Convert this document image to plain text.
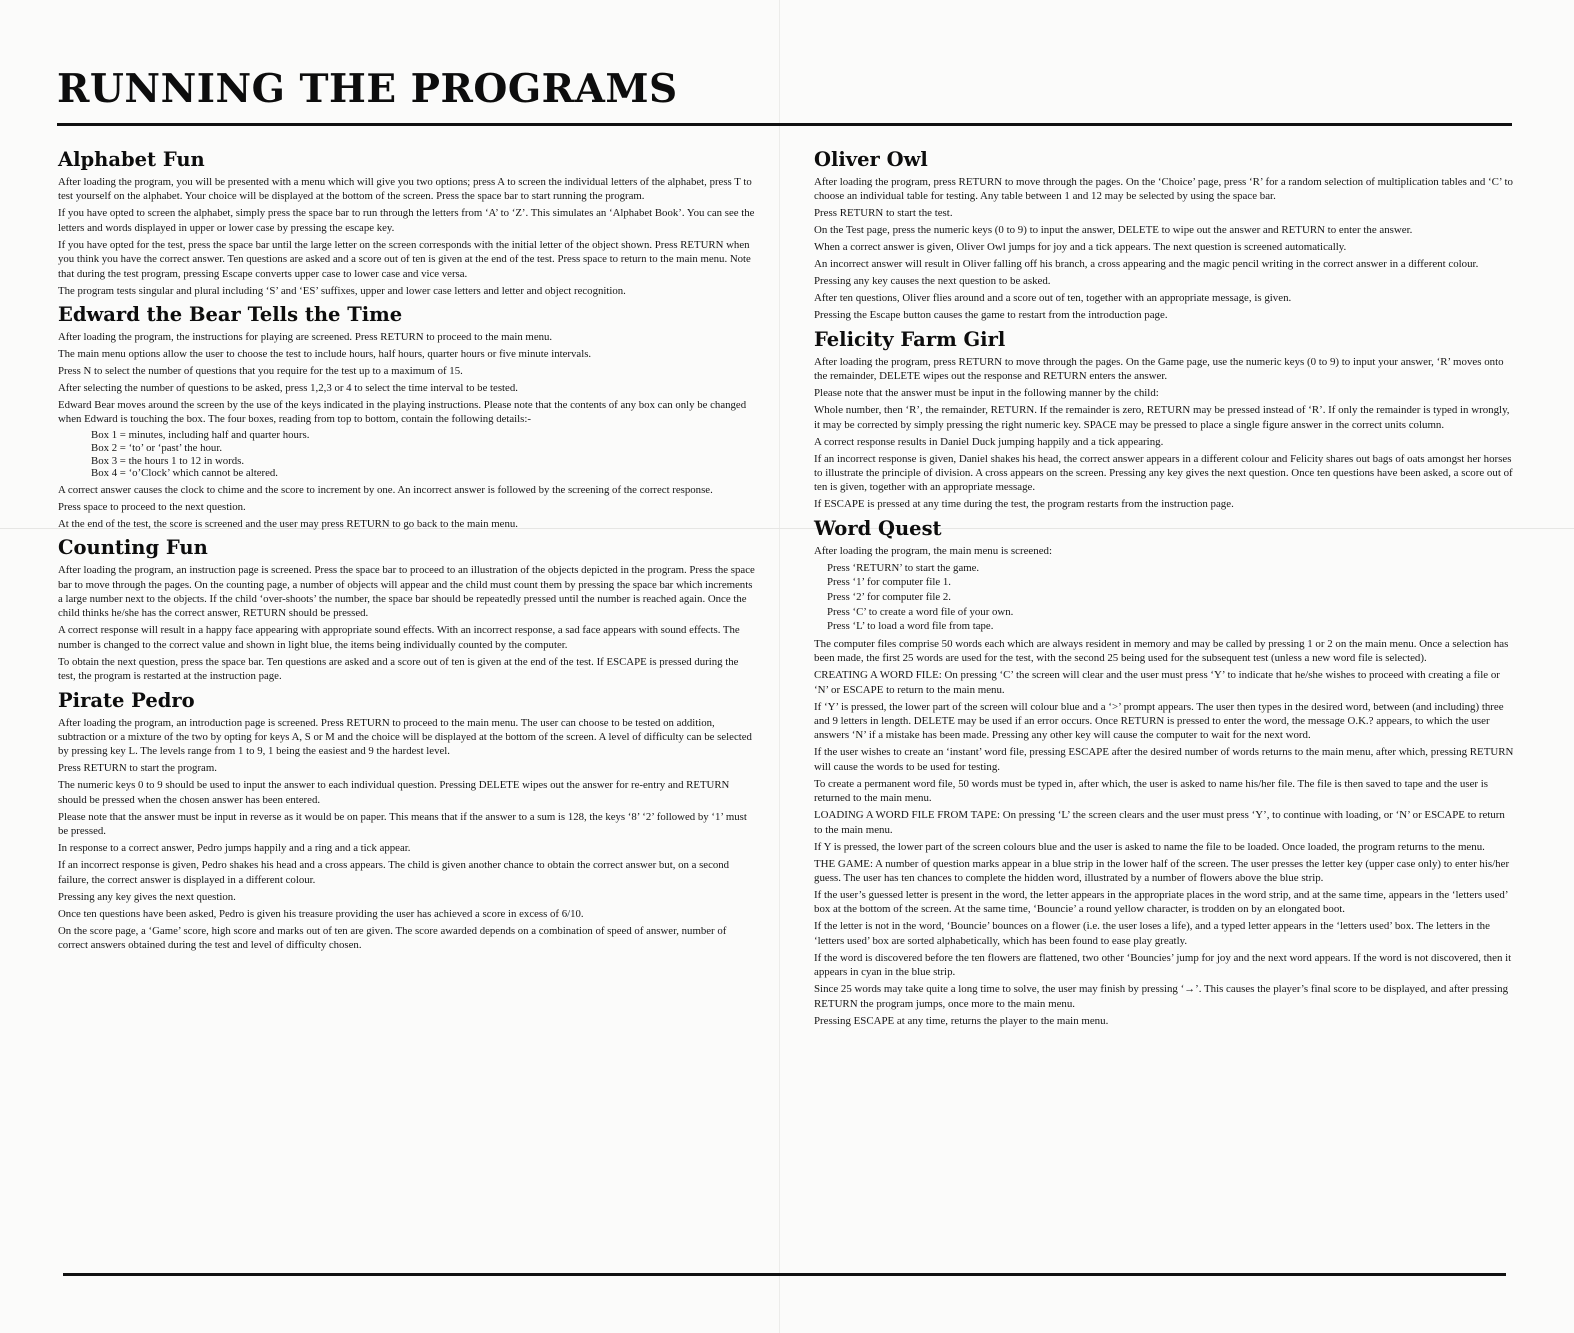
RUNNING THE PROGRAMS
Alphabet Fun

After loading the program, you will be presented with a menu which will give you two options; press A to screen the individual letters of the alphabet, press T to test yourself on the alphabet. Your choice will be displayed at the bottom of the screen. Press the space bar to start running the program.

If you have opted to screen the alphabet, simply press the space bar to run through the letters from ‘A’ to ‘Z’. This simulates an ‘Alphabet Book’. You can see the letters and words displayed in upper or lower case by pressing the escape key.

If you have opted for the test, press the space bar until the large letter on the screen corresponds with the initial letter of the object shown. Press RETURN when you think you have the correct answer. Ten questions are asked and a score out of ten is given at the end of the test. Press space to return to the main menu. Note that during the test program, pressing Escape converts upper case to lower case and vice versa.

The program tests singular and plural including ‘S’ and ‘ES’ suffixes, upper and lower case letters and letter and object recognition.

Edward the Bear Tells the Time

After loading the program, the instructions for playing are screened. Press RETURN to proceed to the main menu.

The main menu options allow the user to choose the test to include hours, half hours, quarter hours or five minute intervals.

Press N to select the number of questions that you require for the test up to a maximum of 15.

After selecting the number of questions to be asked, press 1,2,3 or 4 to select the time interval to be tested.

Edward Bear moves around the screen by the use of the keys indicated in the playing instructions. Please note that the contents of any box can only be changed when Edward is touching the box. The four boxes, reading from top to bottom, contain the following details:-

Box 1 = minutes, including half and quarter hours.
Box 2 = ‘to’ or ‘past’ the hour.
Box 3 = the hours 1 to 12 in words.
Box 4 = ‘o’Clock’ which cannot be altered.

A correct answer causes the clock to chime and the score to increment by one. An incorrect answer is followed by the screening of the correct response.

Press space to proceed to the next question.

At the end of the test, the score is screened and the user may press RETURN to go back to the main menu.

Counting Fun

After loading the program, an instruction page is screened. Press the space bar to proceed to an illustration of the objects depicted in the program. Press the space bar to move through the pages. On the counting page, a number of objects will appear and the child must count them by pressing the space bar which increments a large number next to the objects. If the child ‘over-shoots’ the number, the space bar should be repeatedly pressed until the number is reached again. Once the child thinks he/she has the correct answer, RETURN should be pressed.

A correct response will result in a happy face appearing with appropriate sound effects. With an incorrect response, a sad face appears with sound effects. The number is changed to the correct value and shown in light blue, the items being individually counted by the computer.

To obtain the next question, press the space bar. Ten questions are asked and a score out of ten is given at the end of the test. If ESCAPE is pressed during the test, the program is restarted at the instruction page.

Pirate Pedro

After loading the program, an introduction page is screened. Press RETURN to proceed to the main menu. The user can choose to be tested on addition, subtraction or a mixture of the two by opting for keys A, S or M and the choice will be displayed at the bottom of the screen. A level of difficulty can be selected by pressing key L. The levels range from 1 to 9, 1 being the easiest and 9 the hardest level.

Press RETURN to start the program.

The numeric keys 0 to 9 should be used to input the answer to each individual question. Pressing DELETE wipes out the answer for re-entry and RETURN should be pressed when the chosen answer has been entered.

Please note that the answer must be input in reverse as it would be on paper. This means that if the answer to a sum is 128, the keys ‘8’ ‘2’ followed by ‘1’ must be pressed.

In response to a correct answer, Pedro jumps happily and a ring and a tick appear.

If an incorrect response is given, Pedro shakes his head and a cross appears. The child is given another chance to obtain the correct answer but, on a second failure, the correct answer is displayed in a different colour.

Pressing any key gives the next question.

Once ten questions have been asked, Pedro is given his treasure providing the user has achieved a score in excess of 6/10.

On the score page, a ‘Game’ score, high score and marks out of ten are given. The score awarded depends on a combination of speed of answer, number of correct answers obtained during the test and level of difficulty chosen.

Oliver Owl

After loading the program, press RETURN to move through the pages. On the ‘Choice’ page, press ‘R’ for a random selection of multiplication tables and ‘C’ to choose an individual table for testing. Any table between 1 and 12 may be selected by using the space bar.

Press RETURN to start the test.

On the Test page, press the numeric keys (0 to 9) to input the answer, DELETE to wipe out the answer and RETURN to enter the answer.

When a correct answer is given, Oliver Owl jumps for joy and a tick appears. The next question is screened automatically.

An incorrect answer will result in Oliver falling off his branch, a cross appearing and the magic pencil writing in the correct answer in a different colour.

Pressing any key causes the next question to be asked.

After ten questions, Oliver flies around and a score out of ten, together with an appropriate message, is given.

Pressing the Escape button causes the game to restart from the introduction page.

Felicity Farm Girl

After loading the program, press RETURN to move through the pages. On the Game page, use the numeric keys (0 to 9) to input your answer, ‘R’ moves onto the remainder, DELETE wipes out the response and RETURN enters the answer.

Please note that the answer must be input in the following manner by the child:

Whole number, then ‘R’, the remainder, RETURN. If the remainder is zero, RETURN may be pressed instead of ‘R’. If only the remainder is typed in wrongly, it may be corrected by simply pressing the right numeric key. SPACE may be pressed to place a single figure answer in the correct units column.

A correct response results in Daniel Duck jumping happily and a tick appearing.

If an incorrect response is given, Daniel shakes his head, the correct answer appears in a different colour and Felicity shares out bags of oats amongst her horses to illustrate the principle of division. A cross appears on the screen. Pressing any key gives the next question. Once ten questions have been asked, a score out of ten is given, together with an appropriate message.

If ESCAPE is pressed at any time during the test, the program restarts from the instruction page.

Word Quest

After loading the program, the main menu is screened:

Press ‘RETURN’ to start the game.
Press ‘1’ for computer file 1.
Press ‘2’ for computer file 2.
Press ‘C’ to create a word file of your own.
Press ‘L’ to load a word file from tape.

The computer files comprise 50 words each which are always resident in memory and may be called by pressing 1 or 2 on the main menu. Once a selection has been made, the first 25 words are used for the test, with the second 25 being used for the subsequent test (unless a new word file is selected).

CREATING A WORD FILE: On pressing ‘C’ the screen will clear and the user must press ‘Y’ to indicate that he/she wishes to proceed with creating a file or ‘N’ or ESCAPE to return to the main menu.

If ‘Y’ is pressed, the lower part of the screen will colour blue and a ‘>’ prompt appears. The user then types in the desired word, between (and including) three and 9 letters in length. DELETE may be used if an error occurs. Once RETURN is pressed to enter the word, the message O.K.? appears, to which the user answers ‘N’ if a mistake has been made. Pressing any other key will cause the computer to wait for the next word.

If the user wishes to create an ‘instant’ word file, pressing ESCAPE after the desired number of words returns to the main menu, after which, pressing RETURN will cause the words to be used for testing.

To create a permanent word file, 50 words must be typed in, after which, the user is asked to name his/her file. The file is then saved to tape and the user is returned to the main menu.

LOADING A WORD FILE FROM TAPE: On pressing ‘L’ the screen clears and the user must press ‘Y’, to continue with loading, or ‘N’ or ESCAPE to return to the main menu.

If Y is pressed, the lower part of the screen colours blue and the user is asked to name the file to be loaded. Once loaded, the program returns to the menu.

THE GAME: A number of question marks appear in a blue strip in the lower half of the screen. The user presses the letter key (upper case only) to enter his/her guess. The user has ten chances to complete the hidden word, illustrated by a number of flowers above the blue strip.

If the user’s guessed letter is present in the word, the letter appears in the appropriate places in the word strip, and at the same time, appears in the ‘letters used’ box at the bottom of the screen. At the same time, ‘Bouncie’ a round yellow character, is trodden on by an elongated boot.

If the letter is not in the word, ‘Bouncie’ bounces on a flower (i.e. the user loses a life), and a typed letter appears in the ‘letters used’ box. The letters in the ‘letters used’ box are sorted alphabetically, which has been found to ease play greatly.

If the word is discovered before the ten flowers are flattened, two other ‘Bouncies’ jump for joy and the next word appears. If the word is not discovered, then it appears in cyan in the blue strip.

Since 25 words may take quite a long time to solve, the user may finish by pressing ‘→’. This causes the player’s final score to be displayed, and after pressing RETURN the program jumps, once more to the main menu.

Pressing ESCAPE at any time, returns the player to the main menu.
